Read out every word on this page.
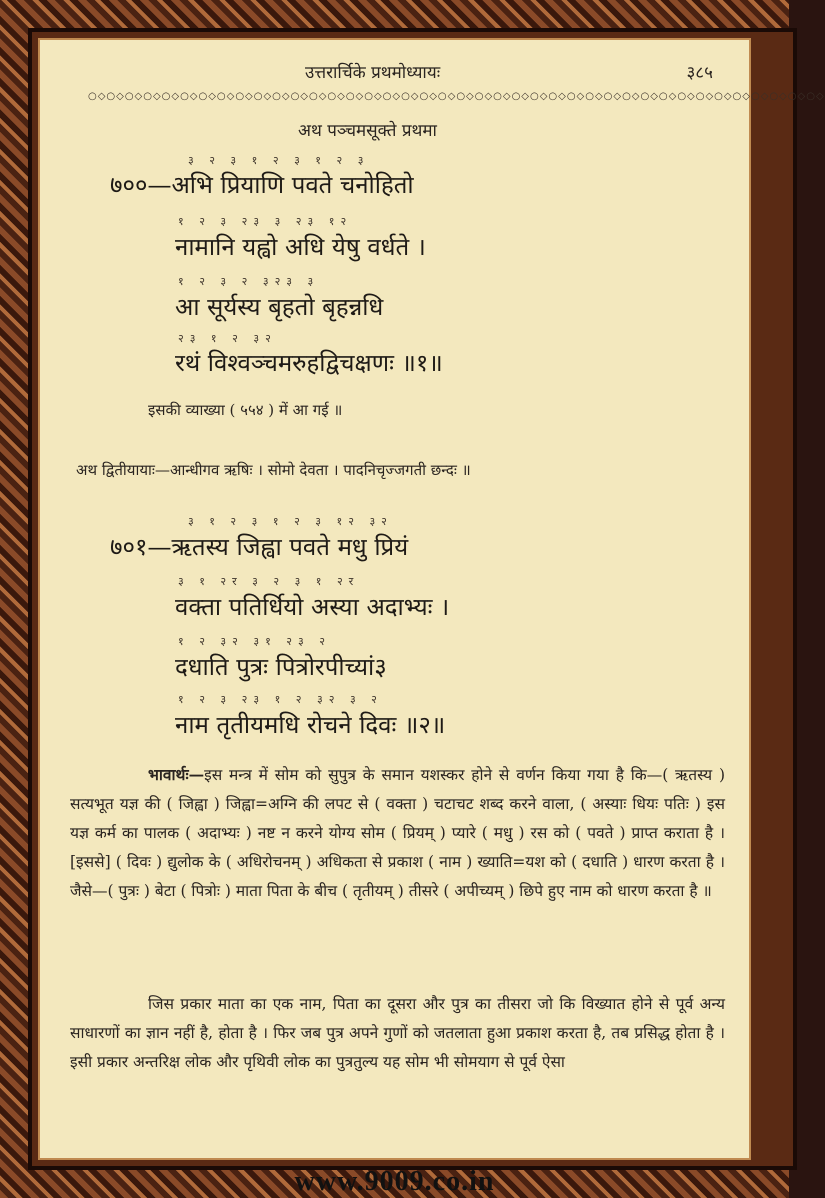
उत्तरार्चिके प्रथमोध्यायः	३८५
○◇○◇○◇○◇○◇○◇○◇○◇○◇○◇○◇○◇○◇○◇○◇○◇○◇○◇○◇○◇○◇○◇○◇○◇○◇○◇○◇○◇○◇○◇○◇○◇○◇○◇○◇○◇○◇○◇○◇○◇
अथ पञ्चमसूक्ते प्रथमा
३ २ ३ १ २ ३ १ २ ३
७००—अभि प्रियाणि पवते चनोहितो
१ २ ३ २३ ३ २३ १२
नामानि यह्वो अधि येषु वर्धते ।
१ २ ३ २ ३२३ ३
आ सूर्यस्य बृहतो बृहन्नधि
२३ १ २ ३२
रथं विश्वञ्चमरुहद्विचक्षणः ॥१॥
इसकी व्याख्या ( ५५४ ) में आ गई ॥
अथ द्वितीयायाः—आन्धीगव ऋषिः । सोमो देवता । पादनिचृज्जगती छन्दः ॥
३ १ २ ३ १ २ ३ १२ ३२
७०१—ऋतस्य जिह्वा पवते मधु प्रियं
३ १ २र ३ २ ३ १ २र
वक्ता पतिर्धियो अस्या अदाभ्यः ।
१ २ ३२ ३१ २३ २
दधाति पुत्रः पित्रोरपीच्यां३
१ २ ३ २३ १ २ ३२ ३ २
नाम तृतीयमधि रोचने दिवः ॥२॥
भावार्थः—इस मन्त्र में सोम को सुपुत्र के समान यशस्कर होने से वर्णन किया गया है कि—( ऋतस्य ) सत्यभूत यज्ञ की ( जिह्वा ) जिह्वा=अग्नि की लपट से ( वक्ता ) चटाचट शब्द करने वाला, ( अस्याः धियः पतिः ) इस यज्ञ कर्म का पालक ( अदाभ्यः ) नष्ट न करने योग्य सोम ( प्रियम् ) प्यारे ( मधु ) रस को ( पवते ) प्राप्त कराता है । [इससे] ( दिवः ) द्युलोक के ( अधिरोचनम् ) अधिकता से प्रकाश ( नाम ) ख्याति=यश को ( दधाति ) धारण करता है । जैसे—( पुत्रः ) बेटा ( पित्रोः ) माता पिता के बीच ( तृतीयम् ) तीसरे ( अपीच्यम् ) छिपे हुए नाम को धारण करता है ॥
जिस प्रकार माता का एक नाम, पिता का दूसरा और पुत्र का तीसरा जो कि विख्यात होने से पूर्व अन्य साधारणों का ज्ञान नहीं है, होता है । फिर जब पुत्र अपने गुणों को जतलाता हुआ प्रकाश करता है, तब प्रसिद्ध होता है । इसी प्रकार अन्तरिक्ष लोक और पृथिवी लोक का पुत्रतुल्य यह सोम भी सोमयाग से पूर्व ऐसा
www.9009.co.in
